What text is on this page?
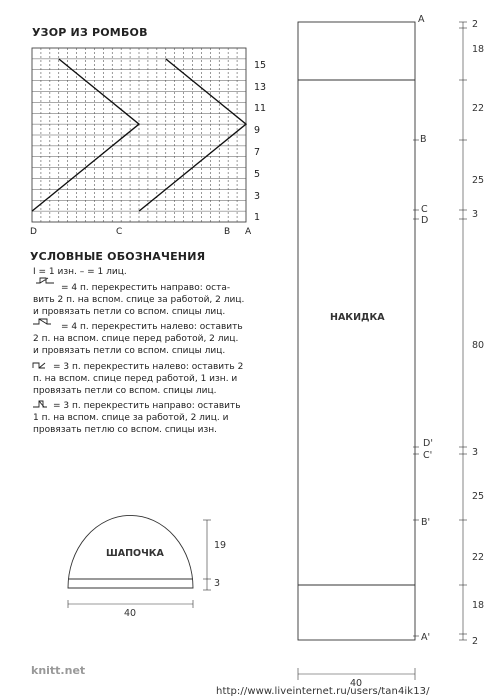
УЗОР ИЗ РОМБОВ
15
13
11
9
7
5
3
1
D	C	B A
УСЛОВНЫЕ ОБОЗНАЧЕНИЯ
I = 1 изн. – = 1 лиц.
= 4 п. перекрестить направо: оста-
вить 2 п. на вспом. спице за работой, 2 лиц.
и провязать петли со вспом. спицы лиц.
= 4 п. перекрестить налево: оставить
2 п. на вспом. спице перед работой, 2 лиц.
и провязать петли со вспом. спицы лиц.
= 3 п. перекрестить налево: оставить 2
п. на вспом. спице перед работой, 1 изн. и
провязать петли со вспом. спицы лиц.
= 3 п. перекрестить направо: оставить
1 п. на вспом. спице за работой, 2 лиц. и
провязать петлю со вспом. спицы изн.
ШАПОЧКА
40
19
3
НАКИДКА
A
B
C
D
D'
C'
B'
A'
40
2
18
22
25
3
80
3
25
22
18
2
knitt.net
http://www.liveinternet.ru/users/tan4ik13/
